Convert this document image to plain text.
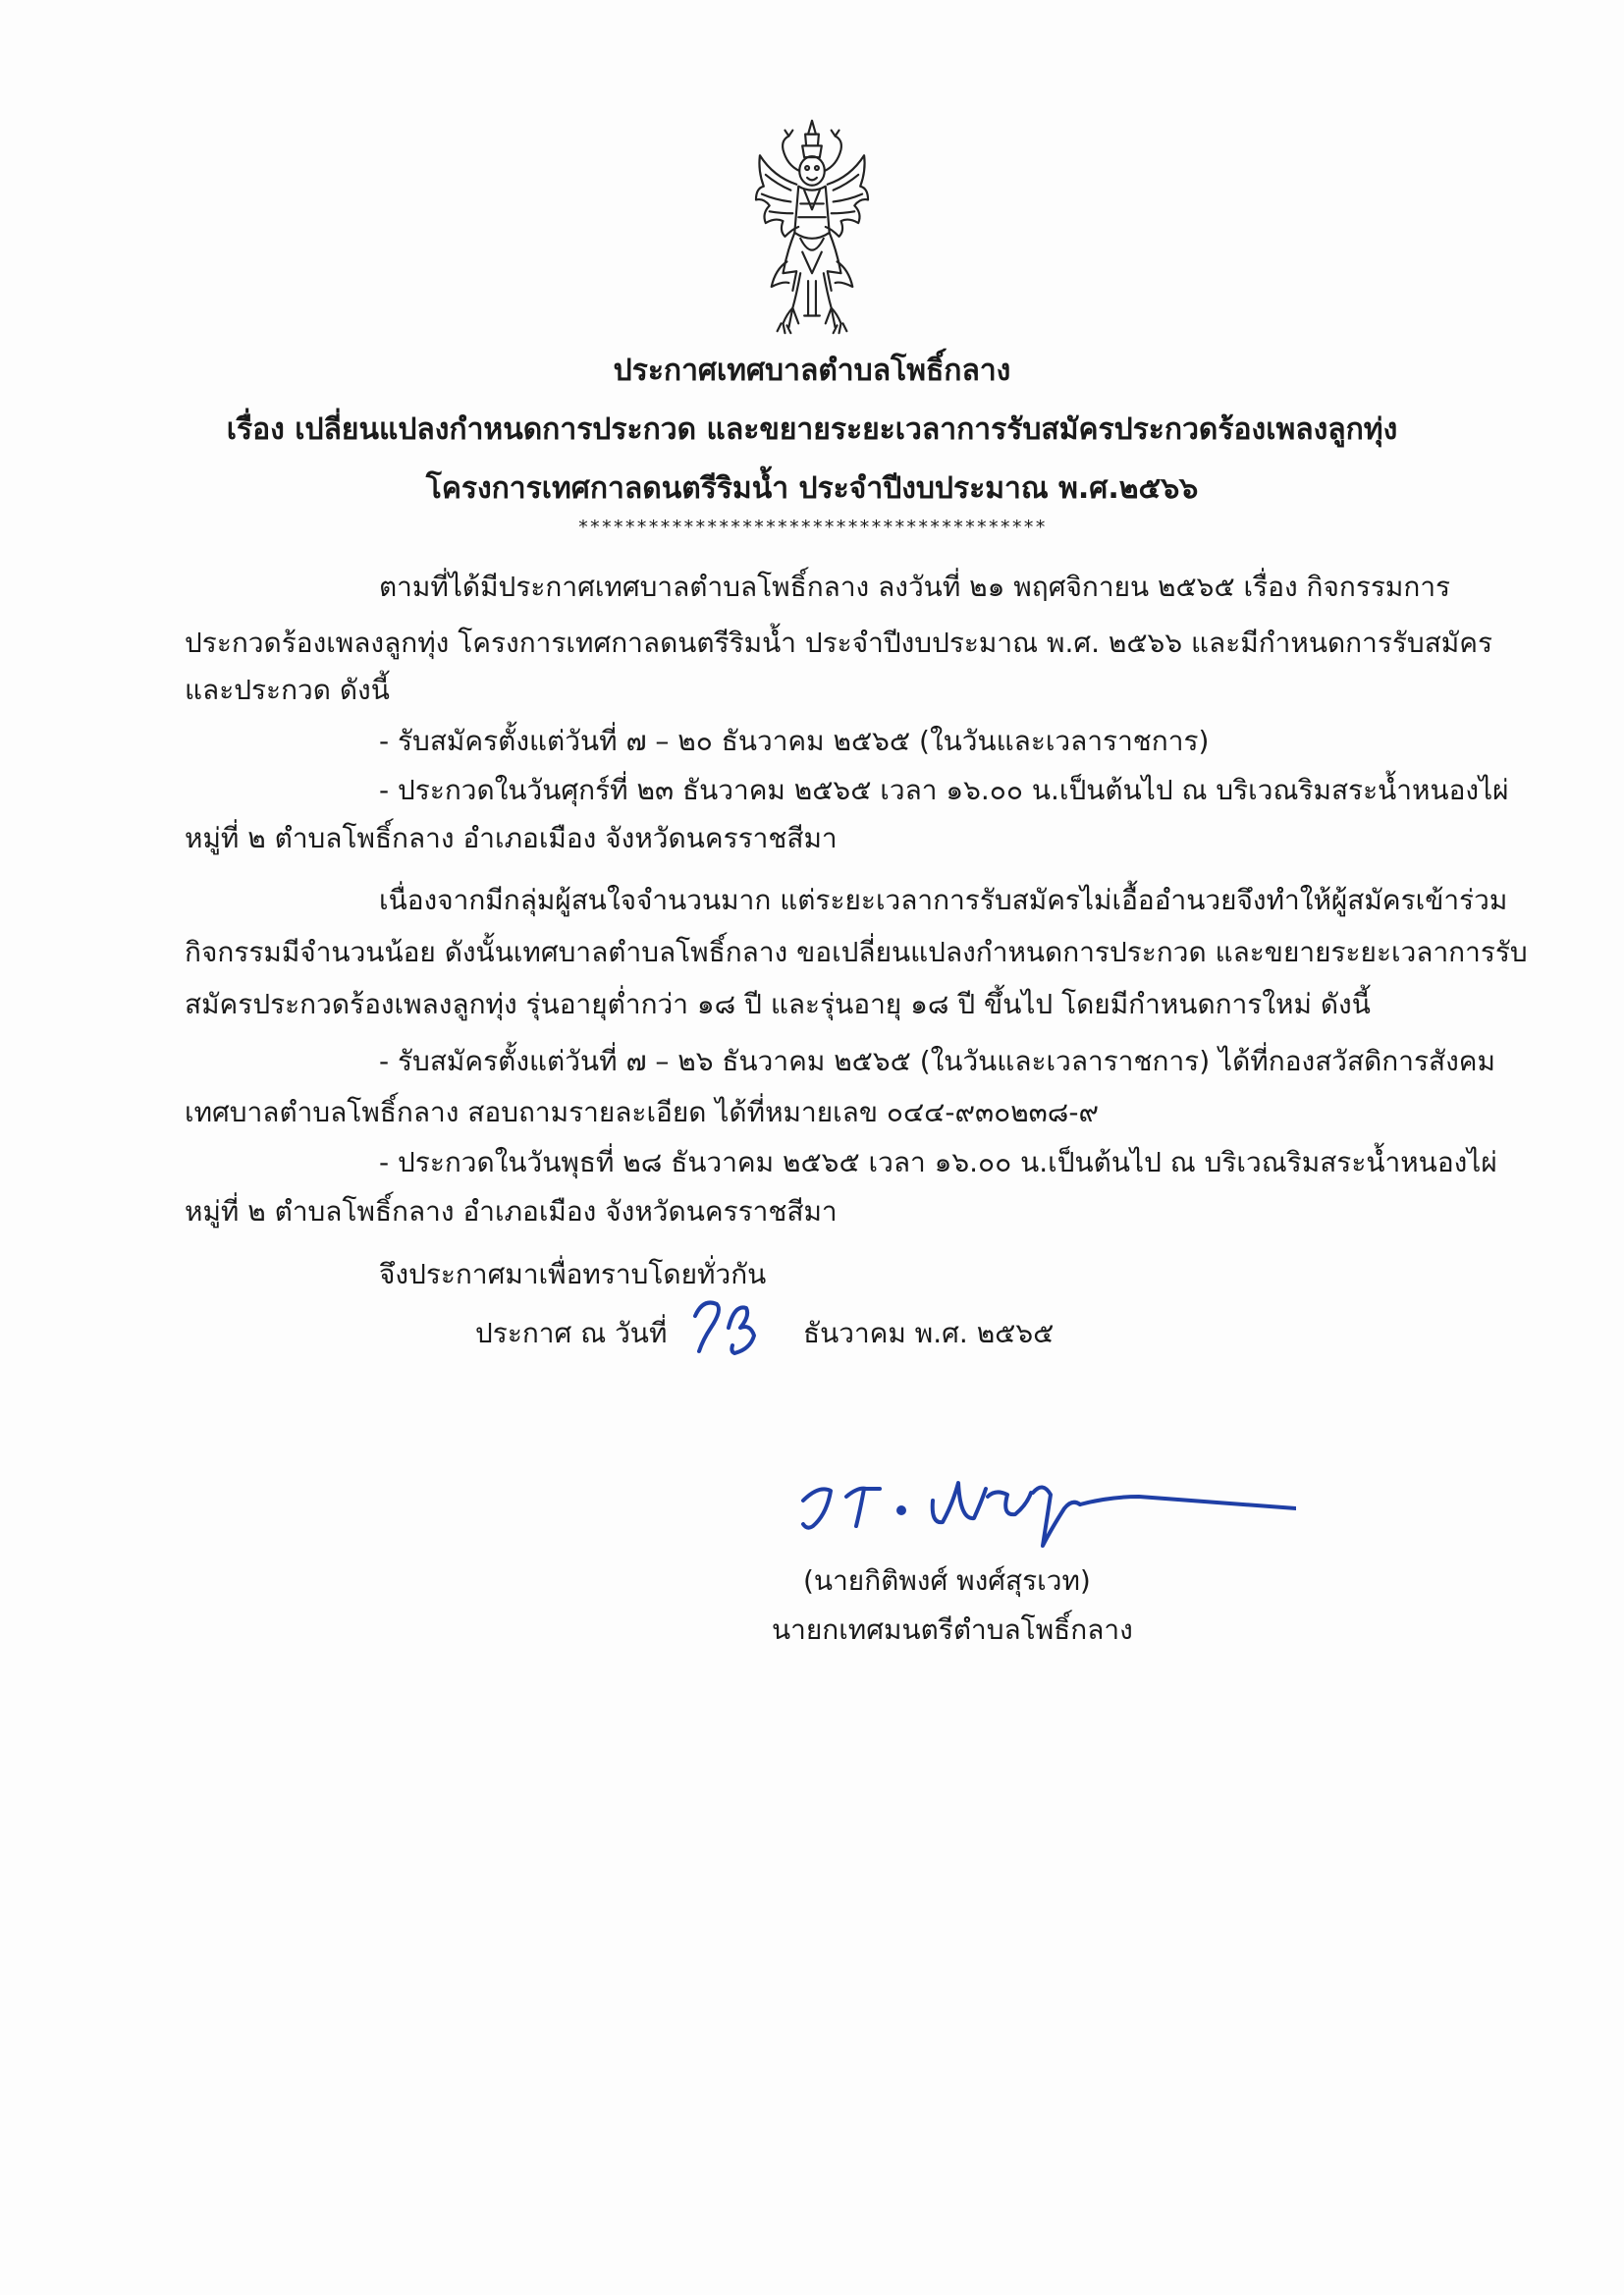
ประกาศเทศบาลตำบลโพธิ์กลาง
เรื่อง เปลี่ยนแปลงกำหนดการประกวด และขยายระยะเวลาการรับสมัครประกวดร้องเพลงลูกทุ่ง
โครงการเทศกาลดนตรีริมน้ำ ประจำปีงบประมาณ พ.ศ.๒๕๖๖
****************************************
ตามที่ได้มีประกาศเทศบาลตำบลโพธิ์กลาง ลงวันที่ ๒๑ พฤศจิกายน ๒๕๖๕ เรื่อง กิจกรรมการ
ประกวดร้องเพลงลูกทุ่ง โครงการเทศกาลดนตรีริมน้ำ ประจำปีงบประมาณ พ.ศ. ๒๕๖๖ และมีกำหนดการรับสมัคร
และประกวด ดังนี้
- รับสมัครตั้งแต่วันที่ ๗ – ๒๐ ธันวาคม ๒๕๖๕ (ในวันและเวลาราชการ)
- ประกวดในวันศุกร์ที่ ๒๓ ธันวาคม ๒๕๖๕ เวลา ๑๖.๐๐ น.เป็นต้นไป ณ บริเวณริมสระน้ำหนองไผ่
หมู่ที่ ๒ ตำบลโพธิ์กลาง อำเภอเมือง จังหวัดนครราชสีมา
เนื่องจากมีกลุ่มผู้สนใจจำนวนมาก แต่ระยะเวลาการรับสมัครไม่เอื้ออำนวยจึงทำให้ผู้สมัครเข้าร่วม
กิจกรรมมีจำนวนน้อย ดังนั้นเทศบาลตำบลโพธิ์กลาง ขอเปลี่ยนแปลงกำหนดการประกวด และขยายระยะเวลาการรับ
สมัครประกวดร้องเพลงลูกทุ่ง รุ่นอายุต่ำกว่า ๑๘ ปี และรุ่นอายุ ๑๘ ปี ขึ้นไป โดยมีกำหนดการใหม่ ดังนี้
- รับสมัครตั้งแต่วันที่ ๗ – ๒๖ ธันวาคม ๒๕๖๕ (ในวันและเวลาราชการ) ได้ที่กองสวัสดิการสังคม
เทศบาลตำบลโพธิ์กลาง สอบถามรายละเอียด ได้ที่หมายเลข ๐๔๔-๙๓๐๒๓๘-๙
- ประกวดในวันพุธที่ ๒๘ ธันวาคม ๒๕๖๕ เวลา ๑๖.๐๐ น.เป็นต้นไป ณ บริเวณริมสระน้ำหนองไผ่
หมู่ที่ ๒ ตำบลโพธิ์กลาง อำเภอเมือง จังหวัดนครราชสีมา
จึงประกาศมาเพื่อทราบโดยทั่วกัน
ประกาศ ณ วันที่	ธันวาคม พ.ศ. ๒๕๖๕
(นายกิติพงศ์ พงศ์สุรเวท)
นายกเทศมนตรีตำบลโพธิ์กลาง
